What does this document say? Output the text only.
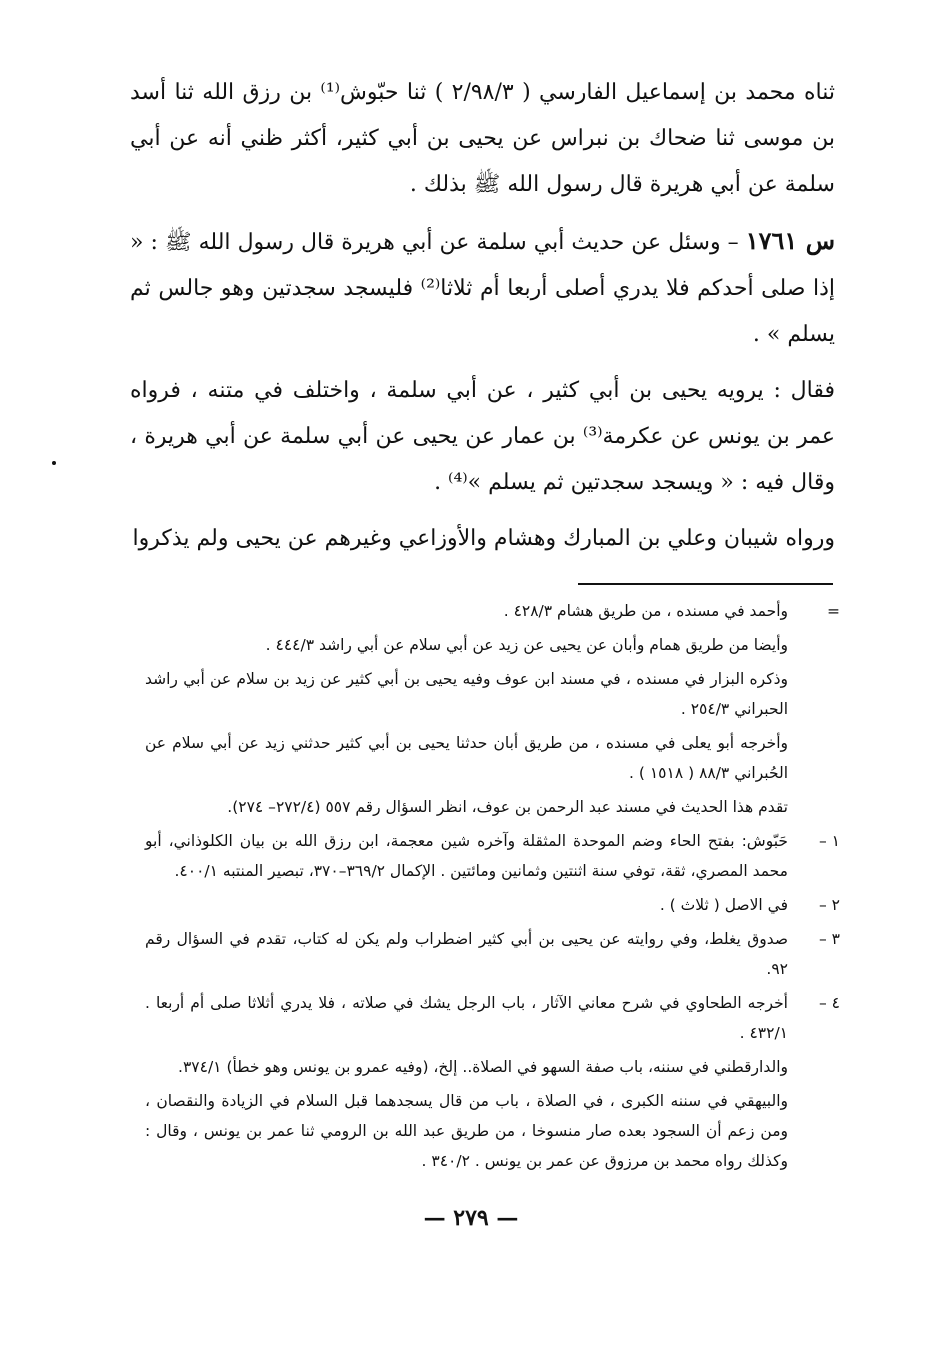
ثناه محمد بن إسماعيل الفارسي ( ٢/٩٨/٣ ) ثنا حبّوش⁽¹⁾ بن رزق الله ثنا أسد بن موسى ثنا ضحاك بن نبراس عن يحيى بن أبي كثير، أكثر ظني أنه عن أبي سلمة عن أبي هريرة قال رسول الله ﷺ بذلك .

س ١٧٦١ – وسئل عن حديث أبي سلمة عن أبي هريرة قال رسول الله ﷺ : « إذا صلى أحدكم فلا يدري أصلى أربعا أم ثلاثا⁽²⁾ فليسجد سجدتين وهو جالس ثم يسلم » .

فقال : يرويه يحيى بن أبي كثير ، عن أبي سلمة ، واختلف في متنه ، فرواه عمر بن يونس عن عكرمة⁽³⁾ بن عمار عن يحيى عن أبي سلمة عن أبي هريرة ، وقال فيه : « ويسجد سجدتين ثم يسلم »⁽⁴⁾ .

ورواه شيبان وعلي بن المبارك وهشام والأوزاعي وغيرهم عن يحيى ولم يذكروا

=
وأحمد في مسنده ، من طريق هشام ٤٢٨/٣ .
وأيضا من طريق همام وأبان عن يحيى عن زيد عن أبي سلام عن أبي راشد ٤٤٤/٣ .
وذكره البزار في مسنده ، في مسند ابن عوف وفيه يحيى بن أبي كثير عن زيد بن سلام عن أبي راشد الحبراني ٢٥٤/٣ .
وأخرجه أبو يعلى في مسنده ، من طريق أبان حدثنا يحيى بن أبي كثير حدثني زيد عن أبي سلام عن الحُبراني ٨٨/٣ ( ١٥١٨ ) .
تقدم هذا الحديث في مسند عبد الرحمن بن عوف، انظر السؤال رقم ٥٥٧ (٢٧٢/٤– ٢٧٤).
١ –
حَبّوش: بفتح الحاء وضم الموحدة المثقلة وآخره شين معجمة، ابن رزق الله بن بيان الكلوذاني، أبو محمد المصري، ثقة، توفي سنة اثنتين وثمانين ومائتين . الإكمال ٣٦٩/٢–٣٧٠، تبصير المنتبه ٤٠٠/١.
٢ –
في الاصل ( ثلاث ) .
٣ –
صدوق يغلط، وفي روايته عن يحيى بن أبي كثير اضطراب ولم يكن له كتاب، تقدم في السؤال رقم ٩٢.
٤ –
أخرجه الطحاوي في شرح معاني الآثار ، باب الرجل يشك في صلاته ، فلا يدري أثلاثا صلى أم أربعا . ٤٣٢/١ .
والدارقطني في سننه، باب صفة السهو في الصلاة.. إلخ، (وفيه عمرو بن يونس وهو خطأ) ٣٧٤/١.
والبيهقي في سننه الكبرى ، في الصلاة ، باب من قال يسجدهما قبل السلام في الزيادة والنقصان ، ومن زعم أن السجود بعده صار منسوخا ، من طريق عبد الله بن الرومي ثنا عمر بن يونس ، وقال : وكذلك رواه محمد بن مرزوق عن عمر بن يونس . ٣٤٠/٢ .
— ٢٧٩ —
